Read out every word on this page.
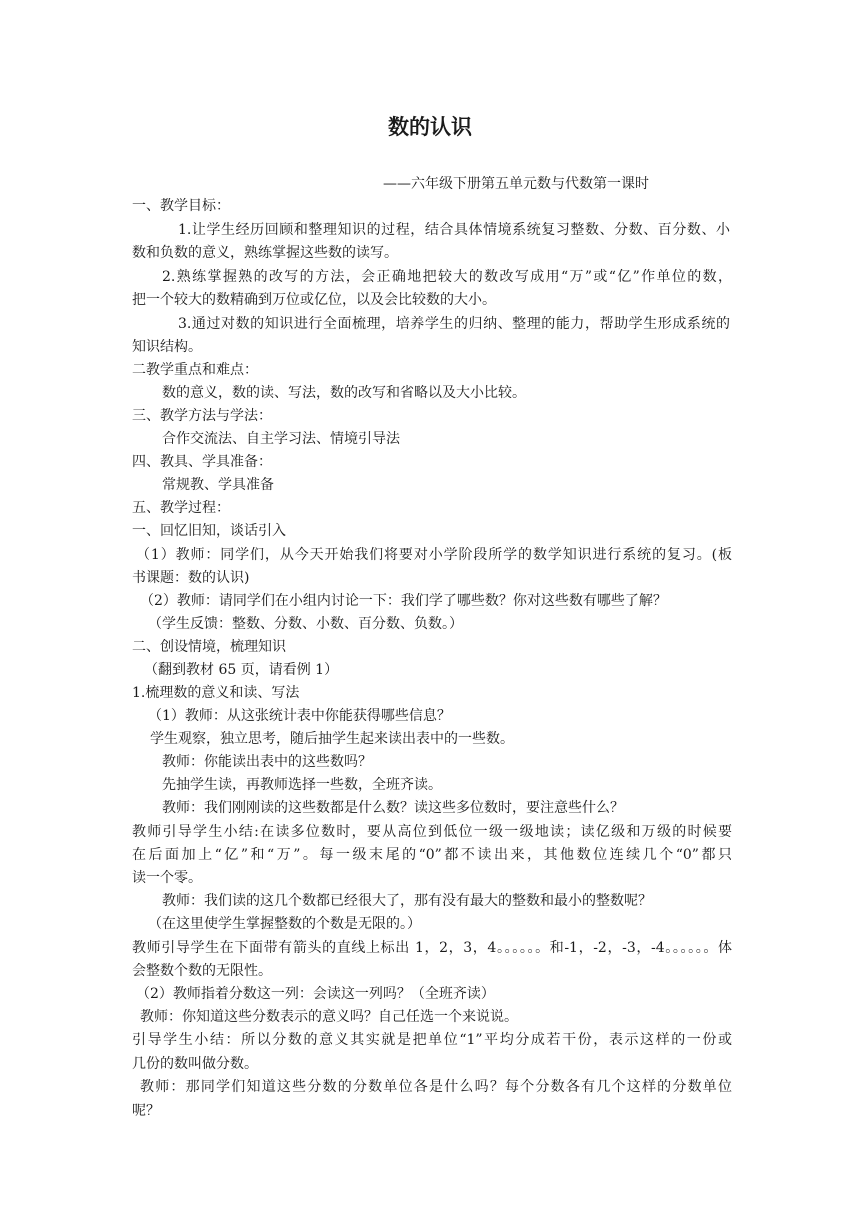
数的认识
——六年级下册第五单元数与代数第一课时
一、教学目标：
1.让学生经历回顾和整理知识的过程，结合具体情境系统复习整数、分数、百分数、小
数和负数的意义，熟练掌握这些数的读写。
2.熟练掌握熟的改写的方法，会正确地把较大的数改写成用“万”或“亿”作单位的数，
把一个较大的数精确到万位或亿位，以及会比较数的大小。
3.通过对数的知识进行全面梳理，培养学生的归纳、整理的能力，帮助学生形成系统的
知识结构。
二教学重点和难点：
数的意义，数的读、写法，数的改写和省略以及大小比较。
三、教学方法与学法：
合作交流法、自主学习法、情境引导法
四、教具、学具准备：
常规教、学具准备
五、教学过程：
一、回忆旧知，谈话引入
（1）教师：同学们，从今天开始我们将要对小学阶段所学的数学知识进行系统的复习。(板
书课题：数的认识)
（2）教师：请同学们在小组内讨论一下：我们学了哪些数？你对这些数有哪些了解？
（学生反馈：整数、分数、小数、百分数、负数。）
二、创设情境，梳理知识
（翻到教材 65 页，请看例 1）
1.梳理数的意义和读、写法
（1）教师：从这张统计表中你能获得哪些信息？
学生观察，独立思考，随后抽学生起来读出表中的一些数。
教师：你能读出表中的这些数吗？
先抽学生读，再教师选择一些数，全班齐读。
教师：我们刚刚读的这些数都是什么数？读这些多位数时，要注意些什么？
教师引导学生小结:在读多位数时，要从高位到低位一级一级地读；读亿级和万级的时候要
在后面加上“亿”和“万”。每一级末尾的“0”都不读出来，其他数位连续几个“0”都只
读一个零。
教师：我们读的这几个数都已经很大了，那有没有最大的整数和最小的整数呢？
（在这里使学生掌握整数的个数是无限的。）
教师引导学生在下面带有箭头的直线上标出 1，2，3，4。。。。。。和-1，-2，-3，-4。。。。。。体
会整数个数的无限性。
（2）教师指着分数这一列：会读这一列吗？（全班齐读）
教师：你知道这些分数表示的意义吗？自己任选一个来说说。
引导学生小结：所以分数的意义其实就是把单位“1”平均分成若干份，表示这样的一份或
几份的数叫做分数。
教师：那同学们知道这些分数的分数单位各是什么吗？每个分数各有几个这样的分数单位
呢？
